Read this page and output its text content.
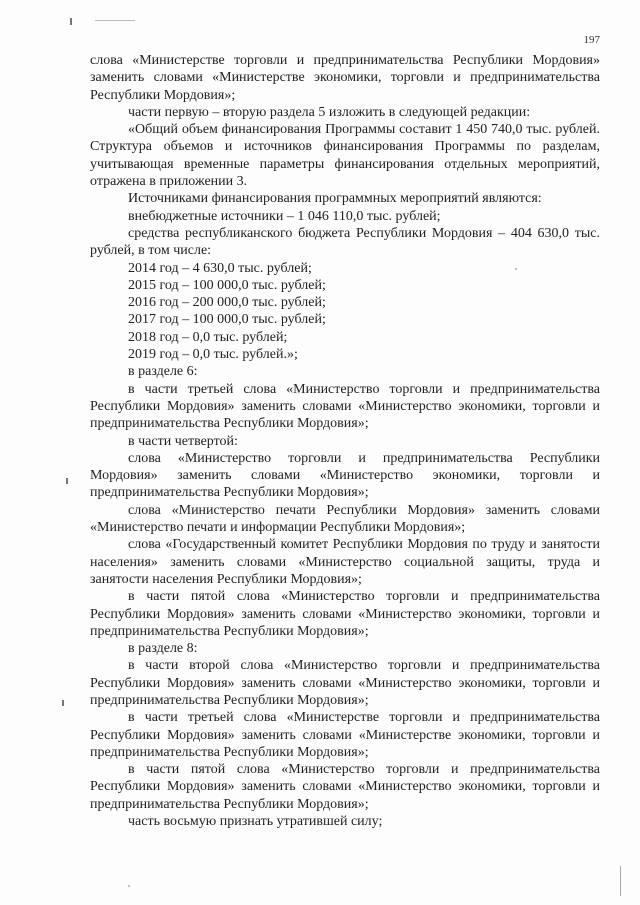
197

слова «Министерстве торговли и предпринимательства Республики Мордовия» заменить словами «Министерстве экономики, торговли и предпринимательства Республики Мордовия»;

части первую – вторую раздела 5 изложить в следующей редакции:

«Общий объем финансирования Программы составит 1 450 740,0 тыс. рублей. Структура объемов и источников финансирования Программы по разделам, учитывающая временные параметры финансирования отдельных мероприятий, отражена в приложении 3.

Источниками финансирования программных мероприятий являются:

внебюджетные источники – 1 046 110,0 тыс. рублей;

средства республиканского бюджета Республики Мордовия – 404 630,0 тыс. рублей, в том числе:

2014 год – 4 630,0 тыс. рублей;
2015 год – 100 000,0 тыс. рублей;
2016 год – 200 000,0 тыс. рублей;
2017 год – 100 000,0 тыс. рублей;
2018 год – 0,0 тыс. рублей;
2019 год – 0,0 тыс. рублей.»;

в разделе 6:

в части третьей слова «Министерство торговли и предпринимательства Республики Мордовия» заменить словами «Министерство экономики, торговли и предпринимательства Республики Мордовия»;

в части четвертой:

слова «Министерство торговли и предпринимательства Республики Мордовия» заменить словами «Министерство экономики, торговли и предпринимательства Республики Мордовия»;

слова «Министерство печати Республики Мордовия» заменить словами «Министерство печати и информации Республики Мордовия»;

слова «Государственный комитет Республики Мордовия по труду и занятости населения» заменить словами «Министерство социальной защиты, труда и занятости населения Республики Мордовия»;

в части пятой слова «Министерство торговли и предпринимательства Республики Мордовия» заменить словами «Министерство экономики, торговли и предпринимательства Республики Мордовия»;

в разделе 8:

в части второй слова «Министерство торговли и предпринимательства Республики Мордовия» заменить словами «Министерство экономики, торговли и предпринимательства Республики Мордовия»;

в части третьей слова «Министерстве торговли и предпринимательства Республики Мордовия» заменить словами «Министерстве экономики, торговли и предпринимательства Республики Мордовия»;

в части пятой слова «Министерство торговли и предпринимательства Республики Мордовия» заменить словами «Министерство экономики, торговли и предпринимательства Республики Мордовия»;

часть восьмую признать утратившей силу;
